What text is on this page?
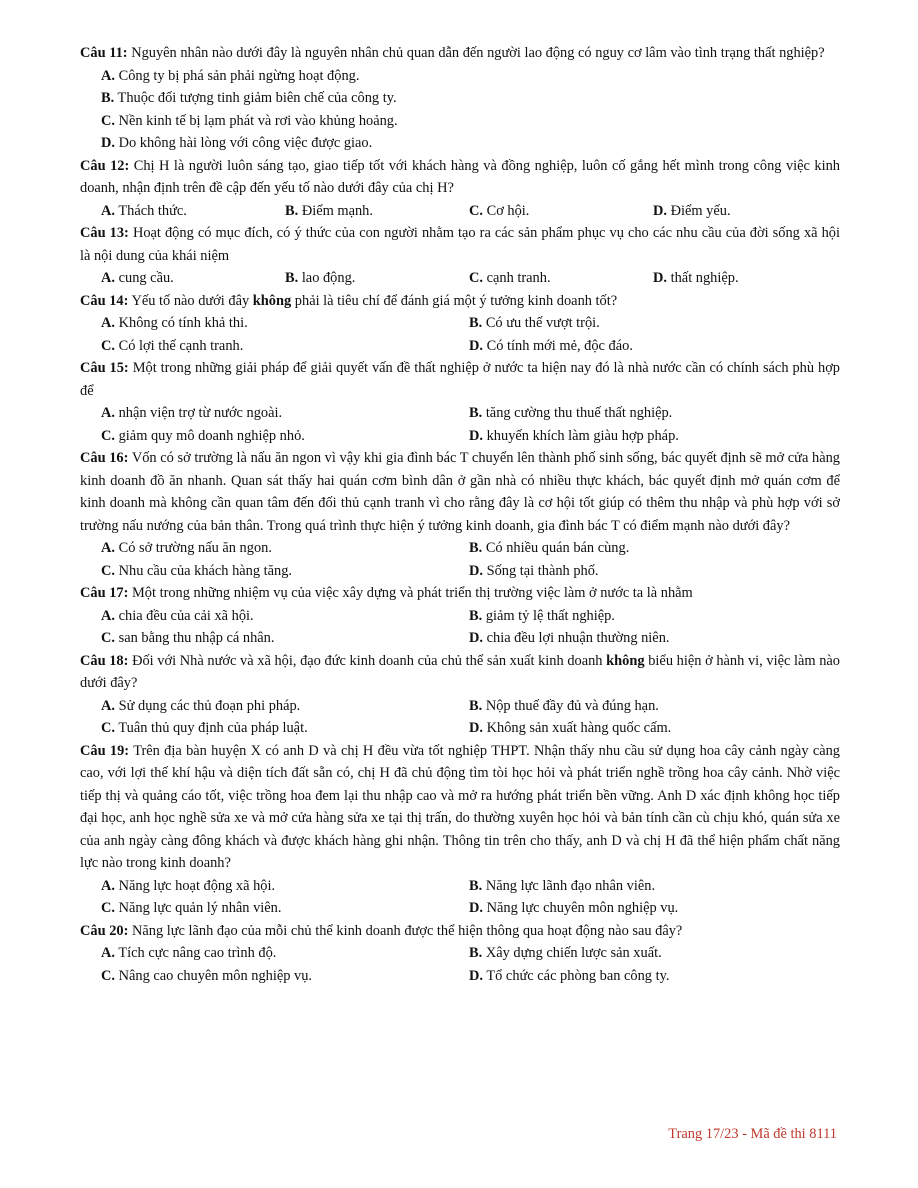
Câu 11: Nguyên nhân nào dưới đây là nguyên nhân chủ quan dẫn đến người lao động có nguy cơ lâm vào tình trạng thất nghiệp?

A. Công ty bị phá sản phải ngừng hoạt động.
B. Thuộc đối tượng tinh giảm biên chế của công ty.
C. Nền kinh tế bị lạm phát và rơi vào khủng hoảng.
D. Do không hài lòng với công việc được giao.

Câu 12: Chị H là người luôn sáng tạo, giao tiếp tốt với khách hàng và đồng nghiệp, luôn cố gắng hết mình trong công việc kinh doanh, nhận định trên đề cập đến yếu tố nào dưới đây của chị H?

A. Thách thức.	B. Điểm mạnh.	C. Cơ hội.	D. Điểm yếu.

Câu 13: Hoạt động có mục đích, có ý thức của con người nhằm tạo ra các sản phẩm phục vụ cho các nhu cầu của đời sống xã hội là nội dung của khái niệm

A. cung cầu.	B. lao động.	C. cạnh tranh.	D. thất nghiệp.

Câu 14: Yếu tố nào dưới đây không phải là tiêu chí để đánh giá một ý tưởng kinh doanh tốt?

A. Không có tính khả thi.	B. Có ưu thế vượt trội.
C. Có lợi thế cạnh tranh.	D. Có tính mới mẻ, độc đáo.

Câu 15: Một trong những giải pháp để giải quyết vấn đề thất nghiệp ở nước ta hiện nay đó là nhà nước cần có chính sách phù hợp để

A. nhận viện trợ từ nước ngoài.	B. tăng cường thu thuế thất nghiệp.
C. giảm quy mô doanh nghiệp nhỏ.	D. khuyến khích làm giàu hợp pháp.

Câu 16: Vốn có sở trường là nấu ăn ngon vì vậy khi gia đình bác T chuyển lên thành phố sinh sống, bác quyết định sẽ mở cửa hàng kinh doanh đồ ăn nhanh. Quan sát thấy hai quán cơm bình dân ở gần nhà có nhiều thực khách, bác quyết định mở quán cơm để kinh doanh mà không cần quan tâm đến đối thủ cạnh tranh vì cho rằng đây là cơ hội tốt giúp có thêm thu nhập và phù hợp với sở trường nấu nướng của bản thân. Trong quá trình thực hiện ý tưởng kinh doanh, gia đình bác T có điểm mạnh nào dưới đây?

A. Có sở trường nấu ăn ngon.	B. Có nhiều quán bán cùng.
C. Nhu cầu của khách hàng tăng.	D. Sống tại thành phố.

Câu 17: Một trong những nhiệm vụ của việc xây dựng và phát triển thị trường việc làm ở nước ta là nhằm

A. chia đều của cải xã hội.	B. giảm tỷ lệ thất nghiệp.
C. san bằng thu nhập cá nhân.	D. chia đều lợi nhuận thường niên.

Câu 18: Đối với Nhà nước và xã hội, đạo đức kinh doanh của chủ thể sản xuất kinh doanh không biểu hiện ở hành vi, việc làm nào dưới đây?

A. Sử dụng các thủ đoạn phi pháp.	B. Nộp thuế đầy đủ và đúng hạn.
C. Tuân thủ quy định của pháp luật.	D. Không sản xuất hàng quốc cấm.

Câu 19: Trên địa bàn huyện X có anh D và chị H đều vừa tốt nghiệp THPT. Nhận thấy nhu cầu sử dụng hoa cây cảnh ngày càng cao, với lợi thế khí hậu và diện tích đất sẵn có, chị H đã chủ động tìm tòi học hỏi và phát triển nghề trồng hoa cây cảnh. Nhờ việc tiếp thị và quảng cáo tốt, việc trồng hoa đem lại thu nhập cao và mở ra hướng phát triển bền vững. Anh D xác định không học tiếp đại học, anh học nghề sửa xe và mở cửa hàng sửa xe tại thị trấn, do thường xuyên học hỏi và bản tính cần cù chịu khó, quán sửa xe của anh ngày càng đông khách và được khách hàng ghi nhận. Thông tin trên cho thấy, anh D và chị H đã thể hiện phẩm chất năng lực nào trong kinh doanh?

A. Năng lực hoạt động xã hội.	B. Năng lực lãnh đạo nhân viên.
C. Năng lực quản lý nhân viên.	D. Năng lực chuyên môn nghiệp vụ.

Câu 20: Năng lực lãnh đạo của mỗi chủ thể kinh doanh được thể hiện thông qua hoạt động nào sau đây?

A. Tích cực nâng cao trình độ.	B. Xây dựng chiến lược sản xuất.
C. Nâng cao chuyên môn nghiệp vụ.	D. Tổ chức các phòng ban công ty.
Trang 17/23 - Mã đề thi 8111
